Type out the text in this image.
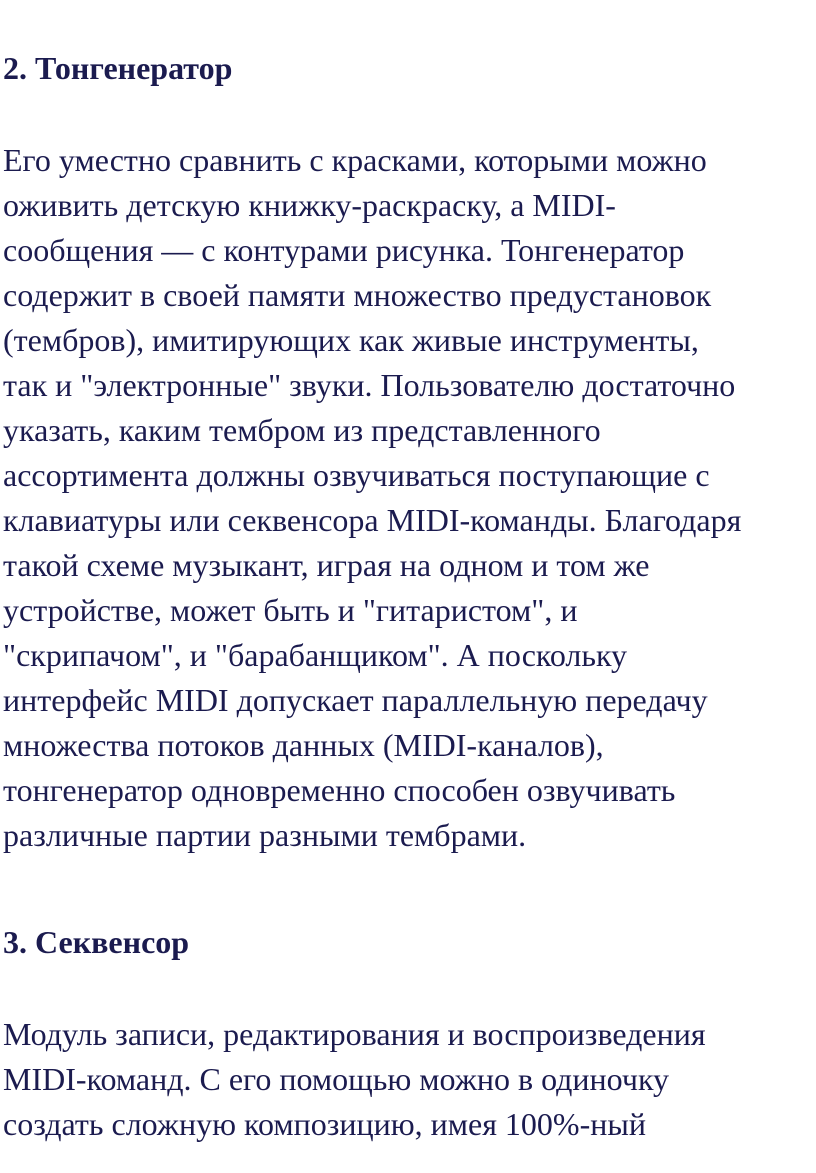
2. Тонгенератор

Его уместно сравнить с красками, которыми можно

оживить детскую книжку-раскраску, а MIDI-

сообщения — с контурами рисунка. Тонгенератор

содержит в своей памяти множество предустановок

(тембров), имитирующих как живые инструменты,

так и "электронные" звуки. Пользователю достаточно

указать, каким тембром из представленного

ассортимента должны озвучиваться поступающие с

клавиатуры или секвенсора MIDI-команды. Благодаря

такой схеме музыкант, играя на одном и том же

устройстве, может быть и "гитаристом", и

"скрипачом", и "барабанщиком". А поскольку

интерфейс MIDI допускает параллельную передачу

множества потоков данных (MIDI-каналов),

тонгенератор одновременно способен озвучивать

различные партии разными тембрами.

3. Секвенсор

Модуль записи, редактирования и воспроизведения

MIDI-команд. С его помощью можно в одиночку

создать сложную композицию, имея 100%-ный
